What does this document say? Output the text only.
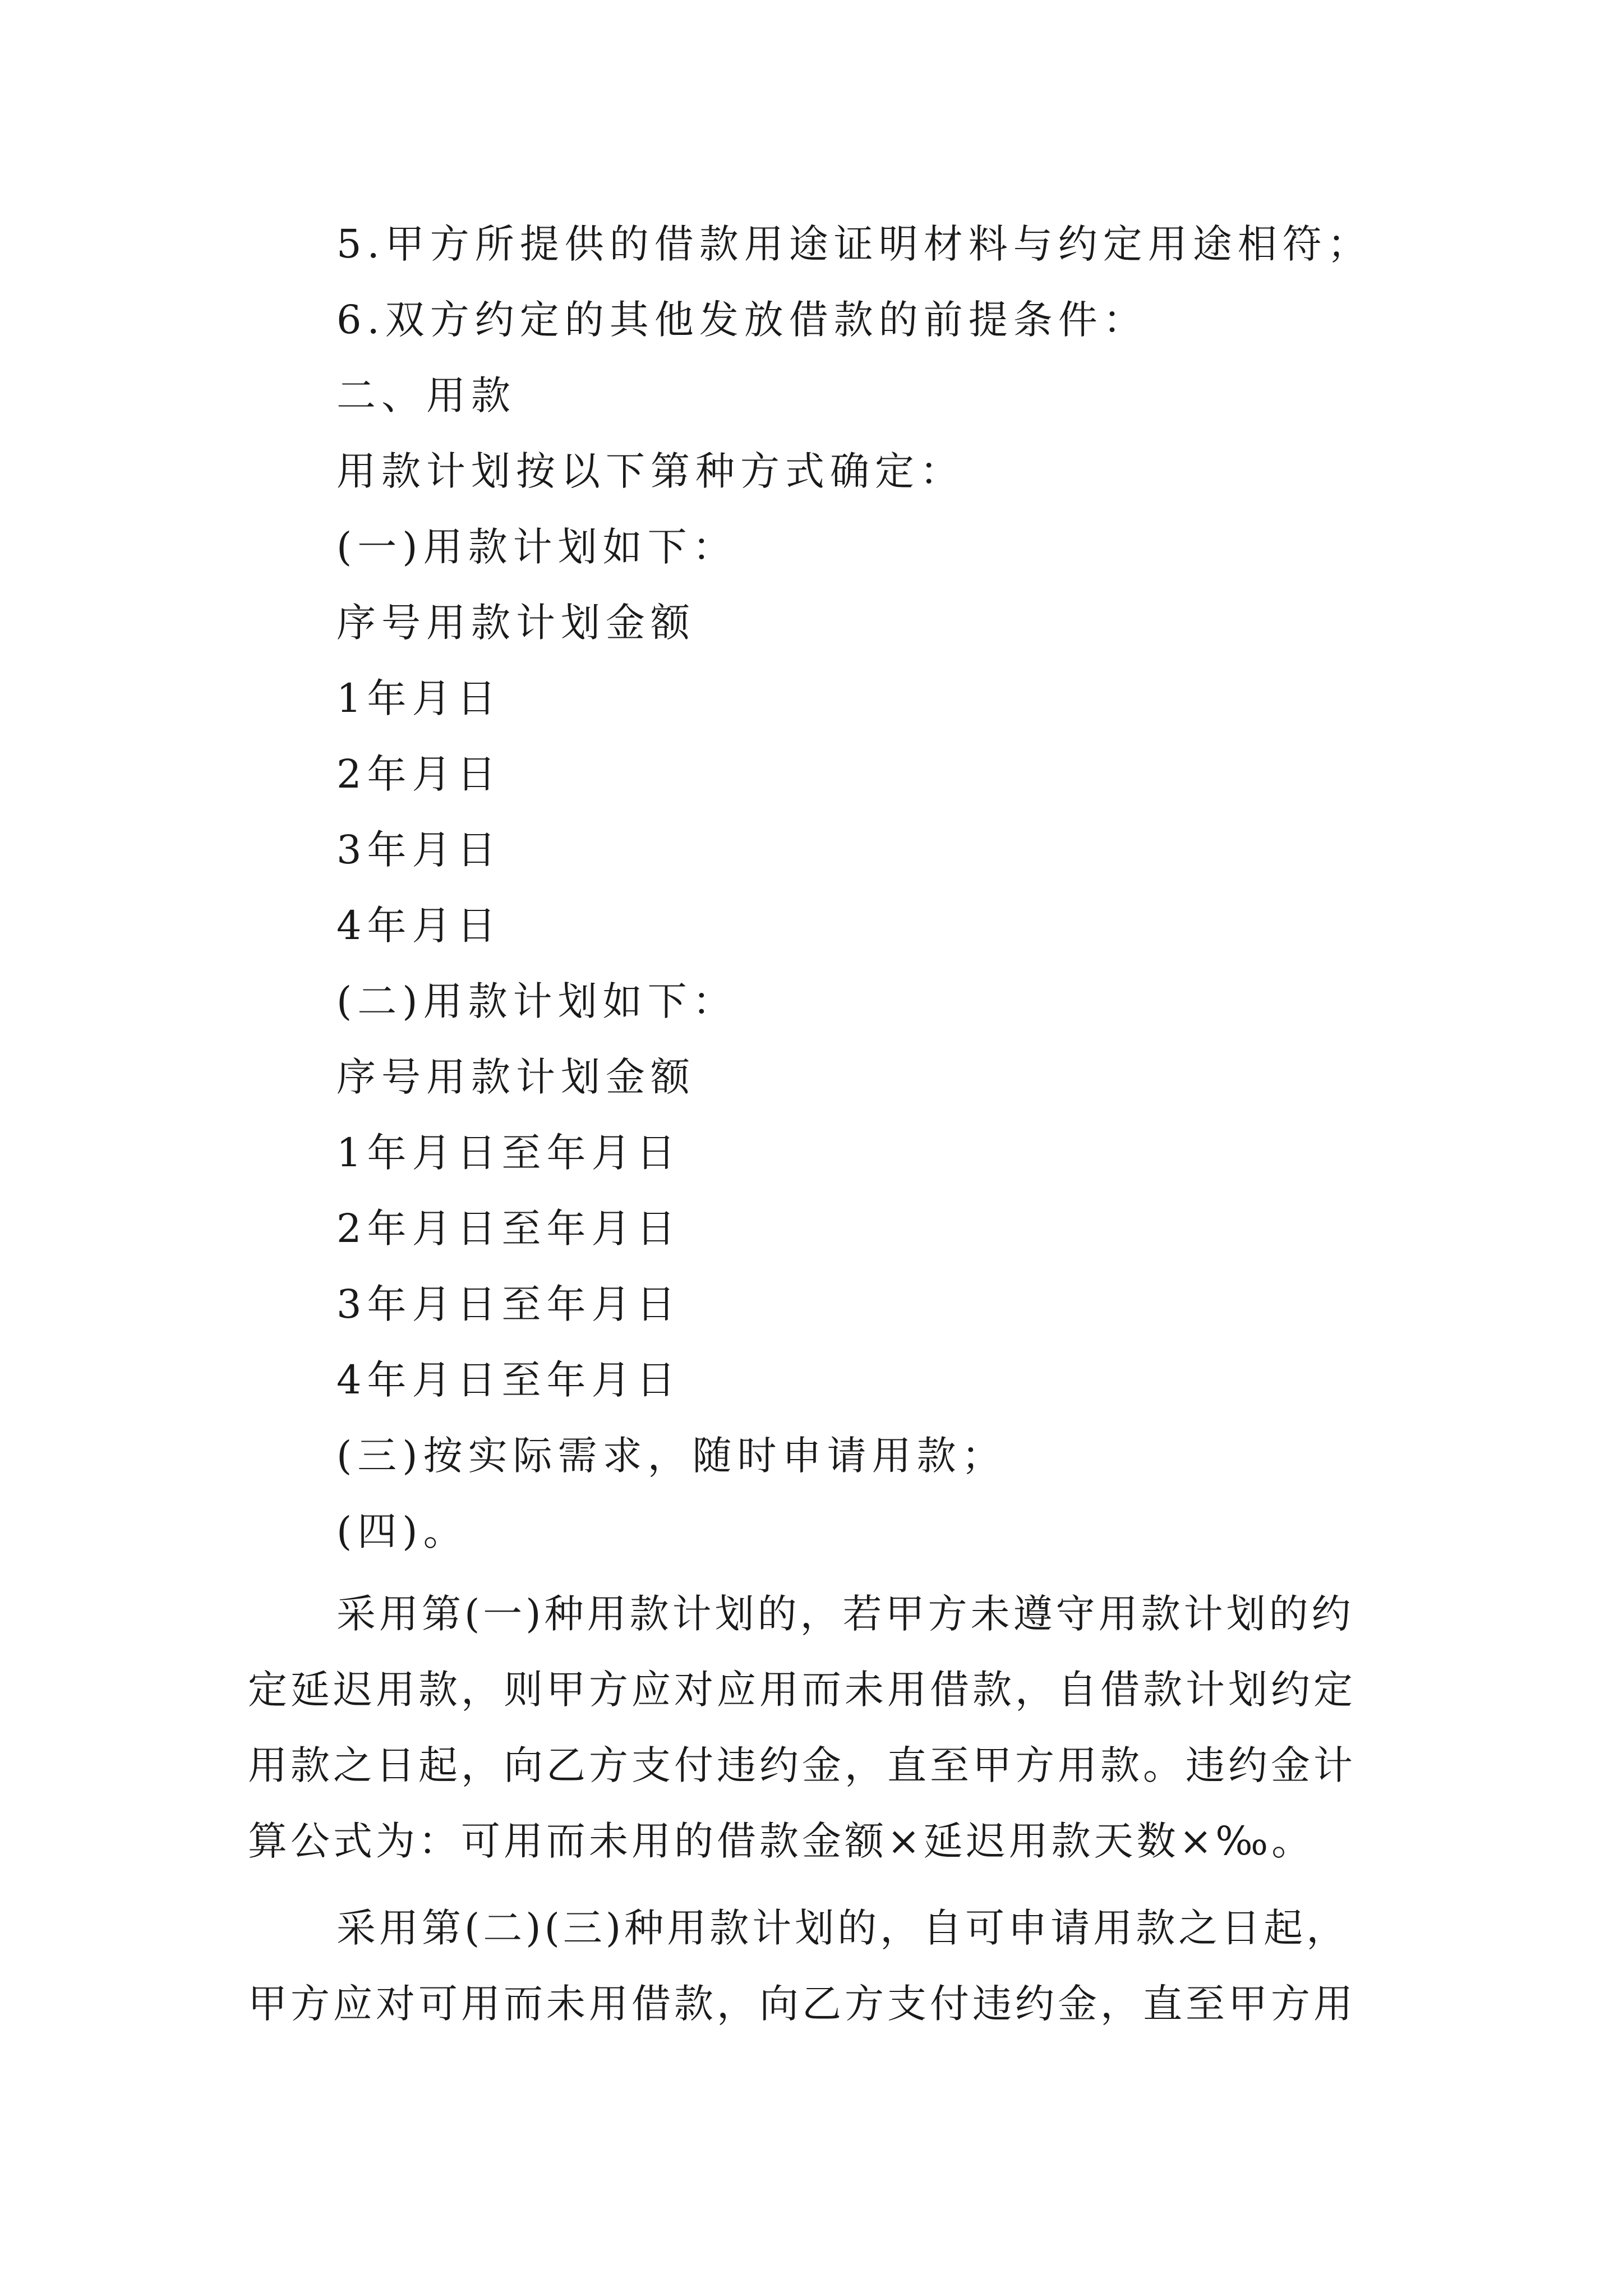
5.甲方所提供的借款用途证明材料与约定用途相符；
6.双方约定的其他发放借款的前提条件：
二、用款
用款计划按以下第种方式确定：
(一)用款计划如下：
序号用款计划金额
1年月日
2年月日
3年月日
4年月日
(二)用款计划如下：
序号用款计划金额
1年月日至年月日
2年月日至年月日
3年月日至年月日
4年月日至年月日
(三)按实际需求，随时申请用款；
(四)。
采用第(一)种用款计划的，若甲方未遵守用款计划的约
定延迟用款，则甲方应对应用而未用借款，自借款计划约定
用款之日起，向乙方支付违约金，直至甲方用款。违约金计
算公式为：可用而未用的借款金额×延迟用款天数×‰。
采用第(二)(三)种用款计划的，自可申请用款之日起，
甲方应对可用而未用借款，向乙方支付违约金，直至甲方用
